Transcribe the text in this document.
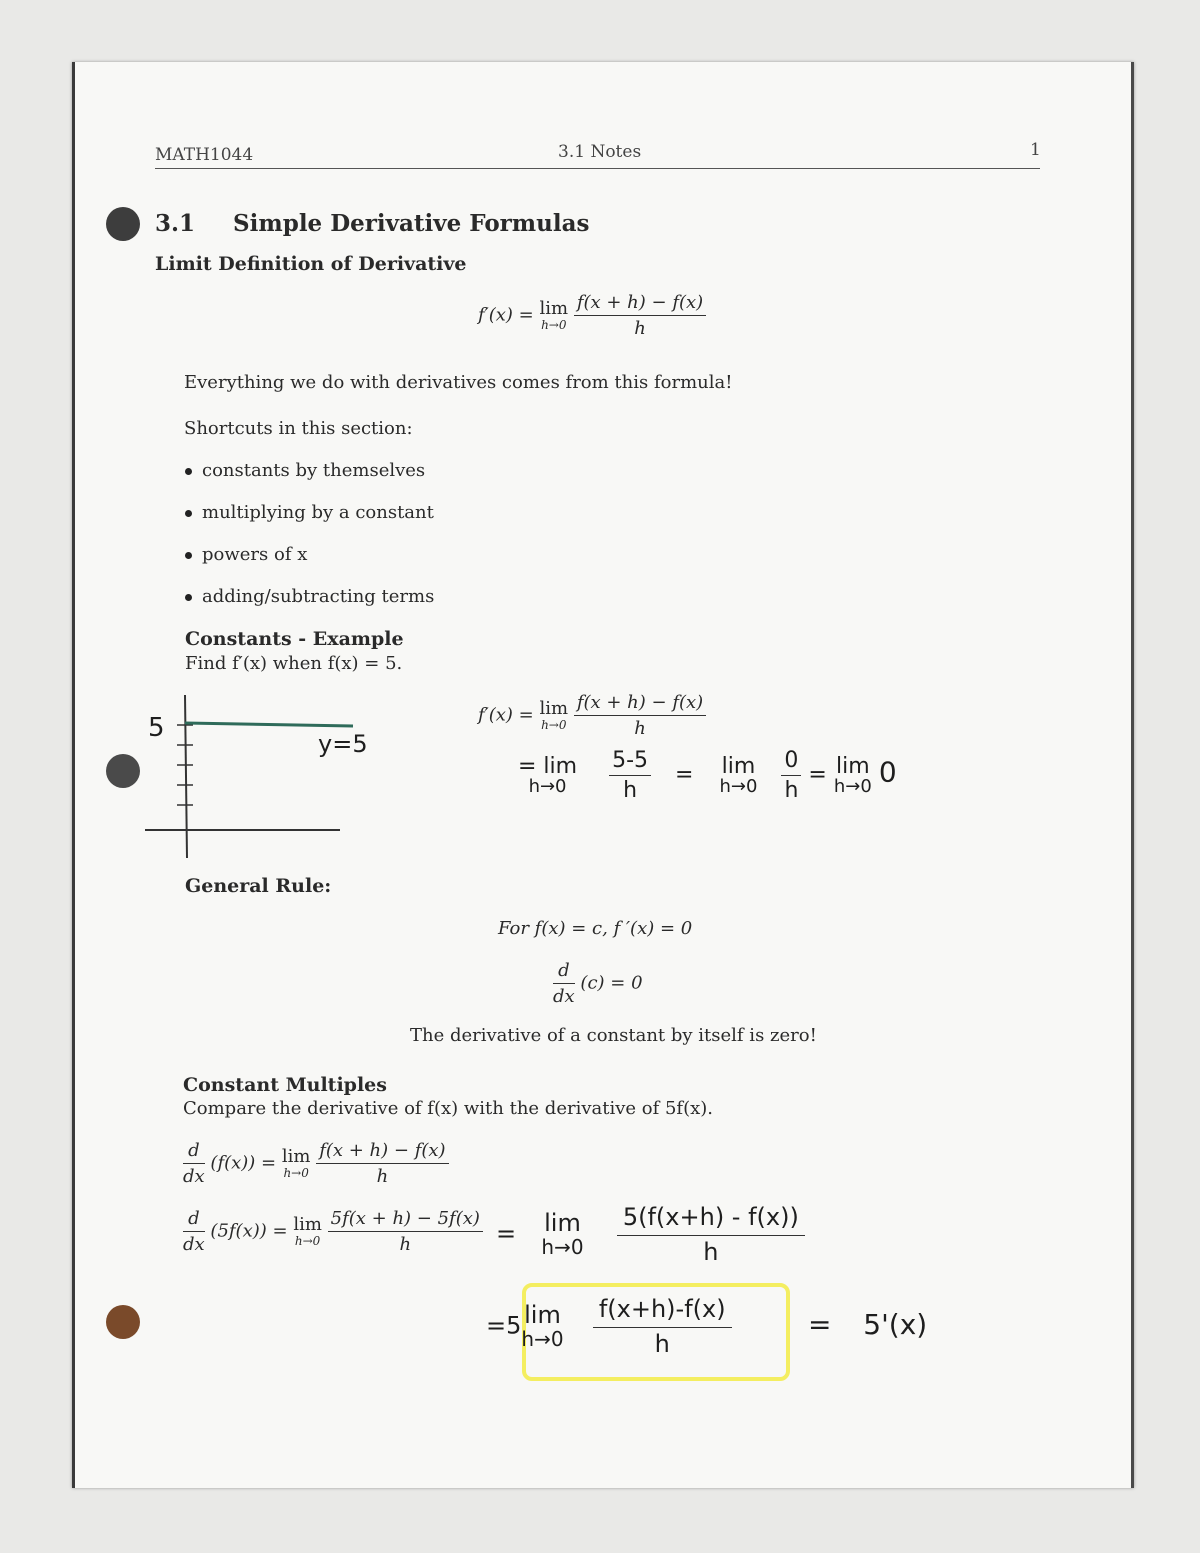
MATH1044	3.1 Notes	1
3.1 Simple Derivative Formulas
Limit Definition of Derivative
f′(x) = lim
h→0
$\frac{f(x + h) - f(x)}{h}$
Everything we do with derivatives comes from this formula!
Shortcuts in this section:
constants by themselves
multiplying by a constant
powers of x
adding/subtracting terms
Constants - Example
Find f′(x) when f(x) = 5.
5
y=5
f′(x) = lim
h→0
$\frac{f(x + h) - f(x)}{h}$
= lim
h→0
	$\frac{5-5}{h} = \lim$
h→0
$\frac{0}{h} = \lim$
h→0 0
General Rule:
For f(x) = c, f ′(x) = 0
$\frac{d}{dx} (c) = 0$
The derivative of a constant by itself is zero!
Constant Multiples
Compare the derivative of f(x) with the derivative of 5f(x).
$\frac{d}{dx} (f(x)) = \lim$
h→0
$\frac{f(x + h) - f(x)}{h}$
$\frac{d}{dx} (5f(x)) = \lim$
h→0
$\frac{5f(x + h) - 5f(x)}{h} = \lim$
h→0
$\frac{5(f(x+h) - f(x))}{h}$
=5 lim
h→0
$\frac{f(x+h)-f(x)}{h}$	= 5'(x)
